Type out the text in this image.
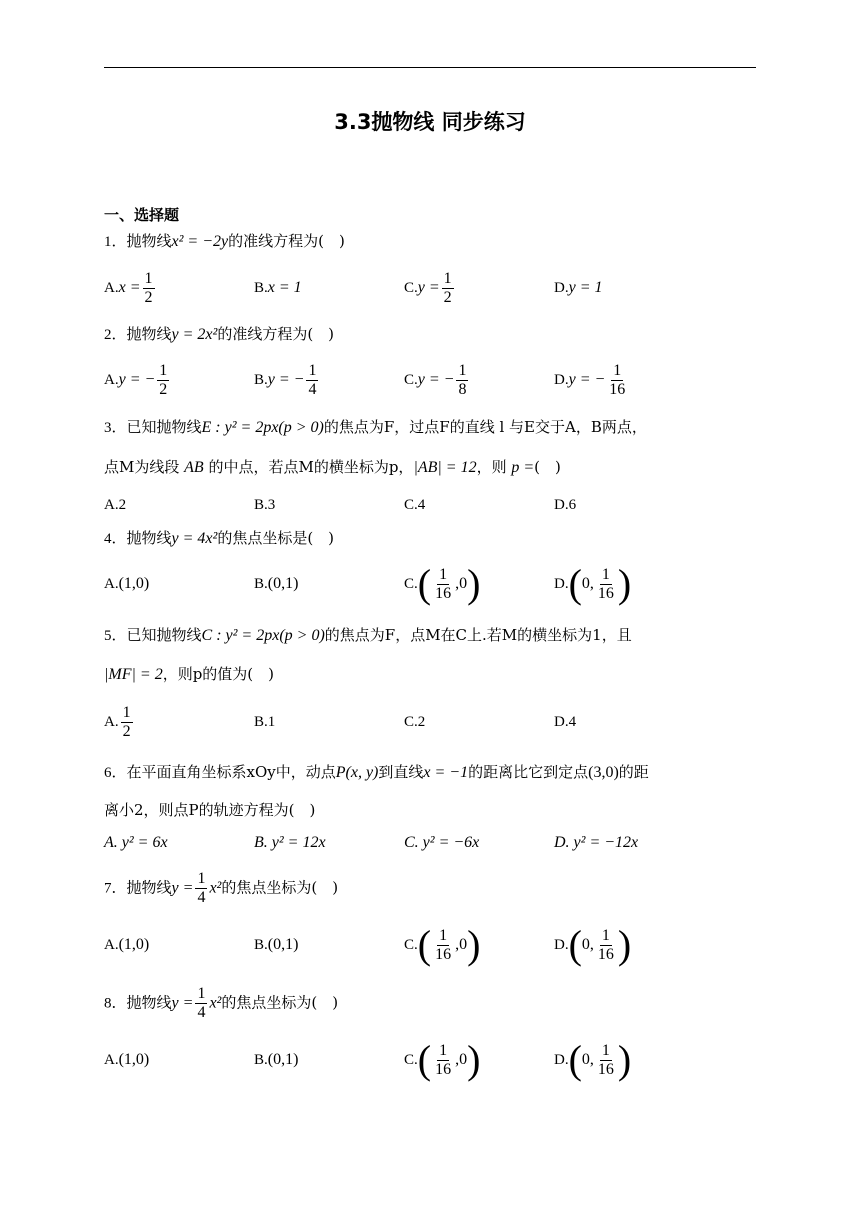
3.3抛物线 同步练习
一、选择题
1．抛物线x² = −2y的准线方程为(　)
A. $x = \frac{1}{2}$	B. x = 1	C. $y = \frac{1}{2}$	D. y = 1
2．抛物线y = 2x²的准线方程为(　)
A. y = − $\frac{1}{2}$	B. y = − $\frac{1}{4}$	C. y = − $\frac{1}{8}$	D. y = − $\frac{1}{16}$
3．已知抛物线E : y² = 2px(p > 0)的焦点为F，过点F的直线 l 与E交于A，B两点，
点M为线段 AB 的中点，若点M的横坐标为p，|AB| = 12，则 p =(　)
A.2	B.3	C.4	D.6
4．抛物线y = 4x²的焦点坐标是(　)
A. (1,0)	B. (0,1)	C. ( $\frac{1}{16} ,0$ )	D. ( 0, $\frac{1}{16}$ )
5．已知抛物线C : y² = 2px(p > 0)的焦点为F，点M在C上.若M的横坐标为1，且
|MF| = 2，则p的值为(　)
A. $\frac{1}{2}$	B.1	C.2	D.4
6．在平面直角坐标系xOy中，动点P(x, y)到直线x = −1的距离比它到定点(3,0)的距
离小2，则点P的轨迹方程为(　)
A. y² = 6x	B. y² = 12x	C. y² = −6x	D. y² = −12x
7．抛物线$y = \frac{1}{4} x^2$的焦点坐标为(　)
A. (1,0)	B. (0,1)	C. ( $\frac{1}{16} ,0$ )	D. ( 0, $\frac{1}{16}$ )
8．抛物线$y = \frac{1}{4} x^2$的焦点坐标为(　)
A. (1,0)	B. (0,1)	C. ( $\frac{1}{16} ,0$ )	D. ( 0, $\frac{1}{16}$ )
